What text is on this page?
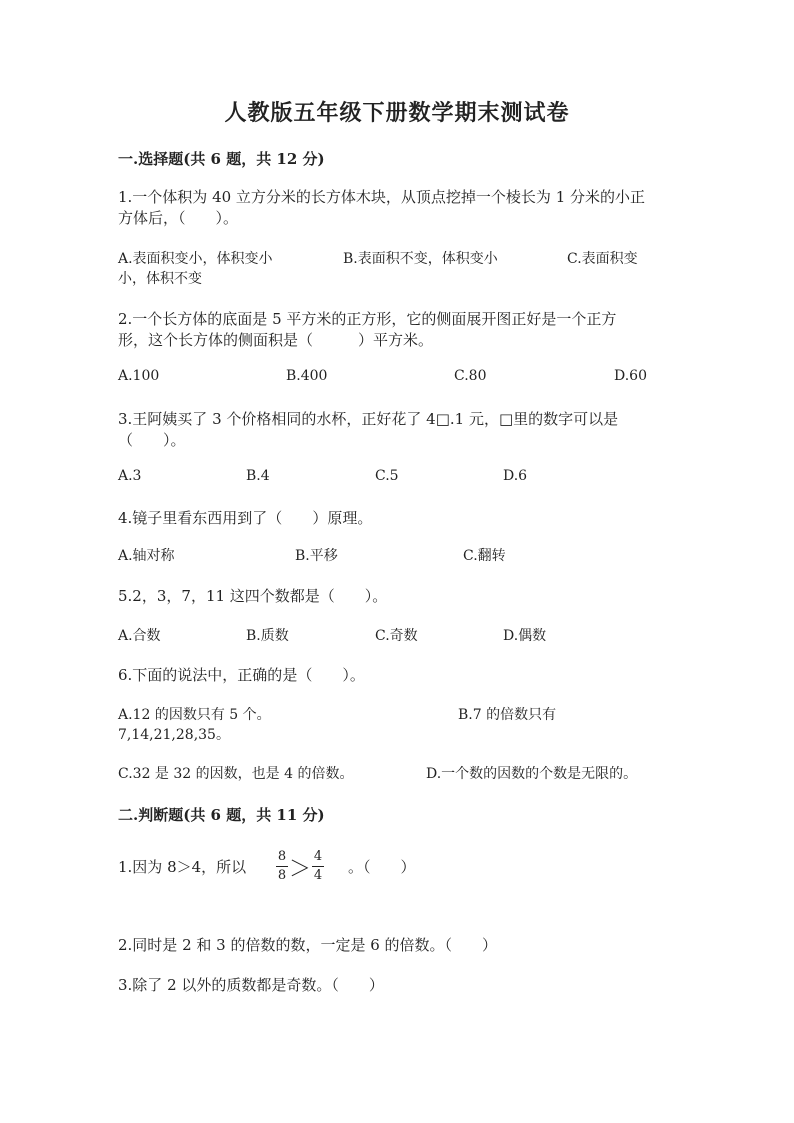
人教版五年级下册数学期末测试卷
一.选择题(共 6 题，共 12 分)
1.一个体积为 40 立方分米的长方体木块，从顶点挖掉一个棱长为 1 分米的小正
方体后，（　　）。
A.表面积变小，体积变小	B.表面积不变，体积变小	C.表面积变
小，体积不变
2.一个长方体的底面是 5 平方米的正方形，它的侧面展开图正好是一个正方
形，这个长方体的侧面积是（　　　）平方米。
A.100	B.400	C.80	D.60
3.王阿姨买了 3 个价格相同的水杯，正好花了 4□.1 元，□里的数字可以是
（　　）。
A.3	B.4	C.5	D.6
4.镜子里看东西用到了（　　）原理。
A.轴对称	B.平移	C.翻转
5.2，3，7，11 这四个数都是（　　）。
A.合数	B.质数	C.奇数	D.偶数
6.下面的说法中，正确的是（　　）。
A.12 的因数只有 5 个。	B.7 的倍数只有
7,14,21,28,35。
C.32 是 32 的因数，也是 4 的倍数。	D.一个数的因数的个数是无限的。
二.判断题(共 6 题，共 11 分)
1.因为 8＞4，所以
8
8 ＞
4
4 。（　　）
2.同时是 2 和 3 的倍数的数，一定是 6 的倍数。（　　）
3.除了 2 以外的质数都是奇数。（　　）
